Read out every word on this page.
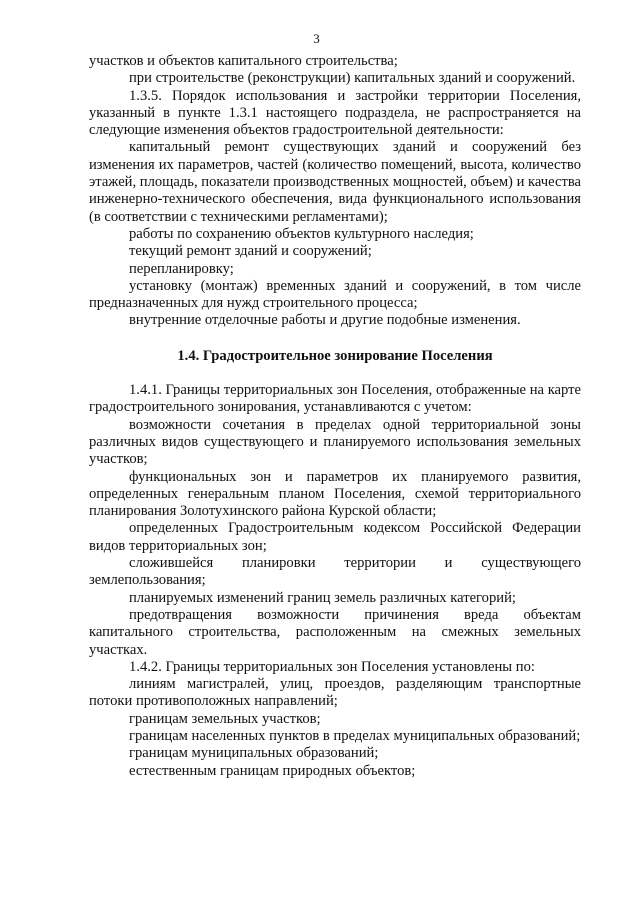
3

участков и объектов капитального строительства;

при строительстве (реконструкции) капитальных зданий и сооружений.

1.3.5. Порядок использования и застройки территории Поселения, указанный в пункте 1.3.1 настоящего подраздела, не распространяется на следующие изменения объектов градостроительной деятельности:

капитальный ремонт существующих зданий и сооружений без изменения их параметров, частей (количество помещений, высота, количество этажей, площадь, показатели производственных мощностей, объем) и качества инженерно-технического обеспечения, вида функционального использования (в соответствии с техническими регламентами);

работы по сохранению объектов культурного наследия;

текущий ремонт зданий и сооружений;

перепланировку;

установку (монтаж) временных зданий и сооружений, в том числе предназначенных для нужд строительного процесса;

внутренние отделочные работы и другие подобные изменения.

1.4. Градостроительное зонирование Поселения

1.4.1. Границы территориальных зон Поселения, отображенные на карте градостроительного зонирования, устанавливаются с учетом:

возможности сочетания в пределах одной территориальной зоны различных видов существующего и планируемого использования земельных участков;

функциональных зон и параметров их планируемого развития, определенных генеральным планом Поселения, схемой территориального планирования Золотухинского района Курской области;

определенных Градостроительным кодексом Российской Федерации видов территориальных зон;

сложившейся планировки территории и существующего землепользования;

планируемых изменений границ земель различных категорий;

предотвращения возможности причинения вреда объектам капитального строительства, расположенным на смежных земельных участках.

1.4.2. Границы территориальных зон Поселения установлены по:

линиям магистралей, улиц, проездов, разделяющим транспортные потоки противоположных направлений;

границам земельных участков;

границам населенных пунктов в пределах муниципальных образований;

границам муниципальных образований;

естественным границам природных объектов;
